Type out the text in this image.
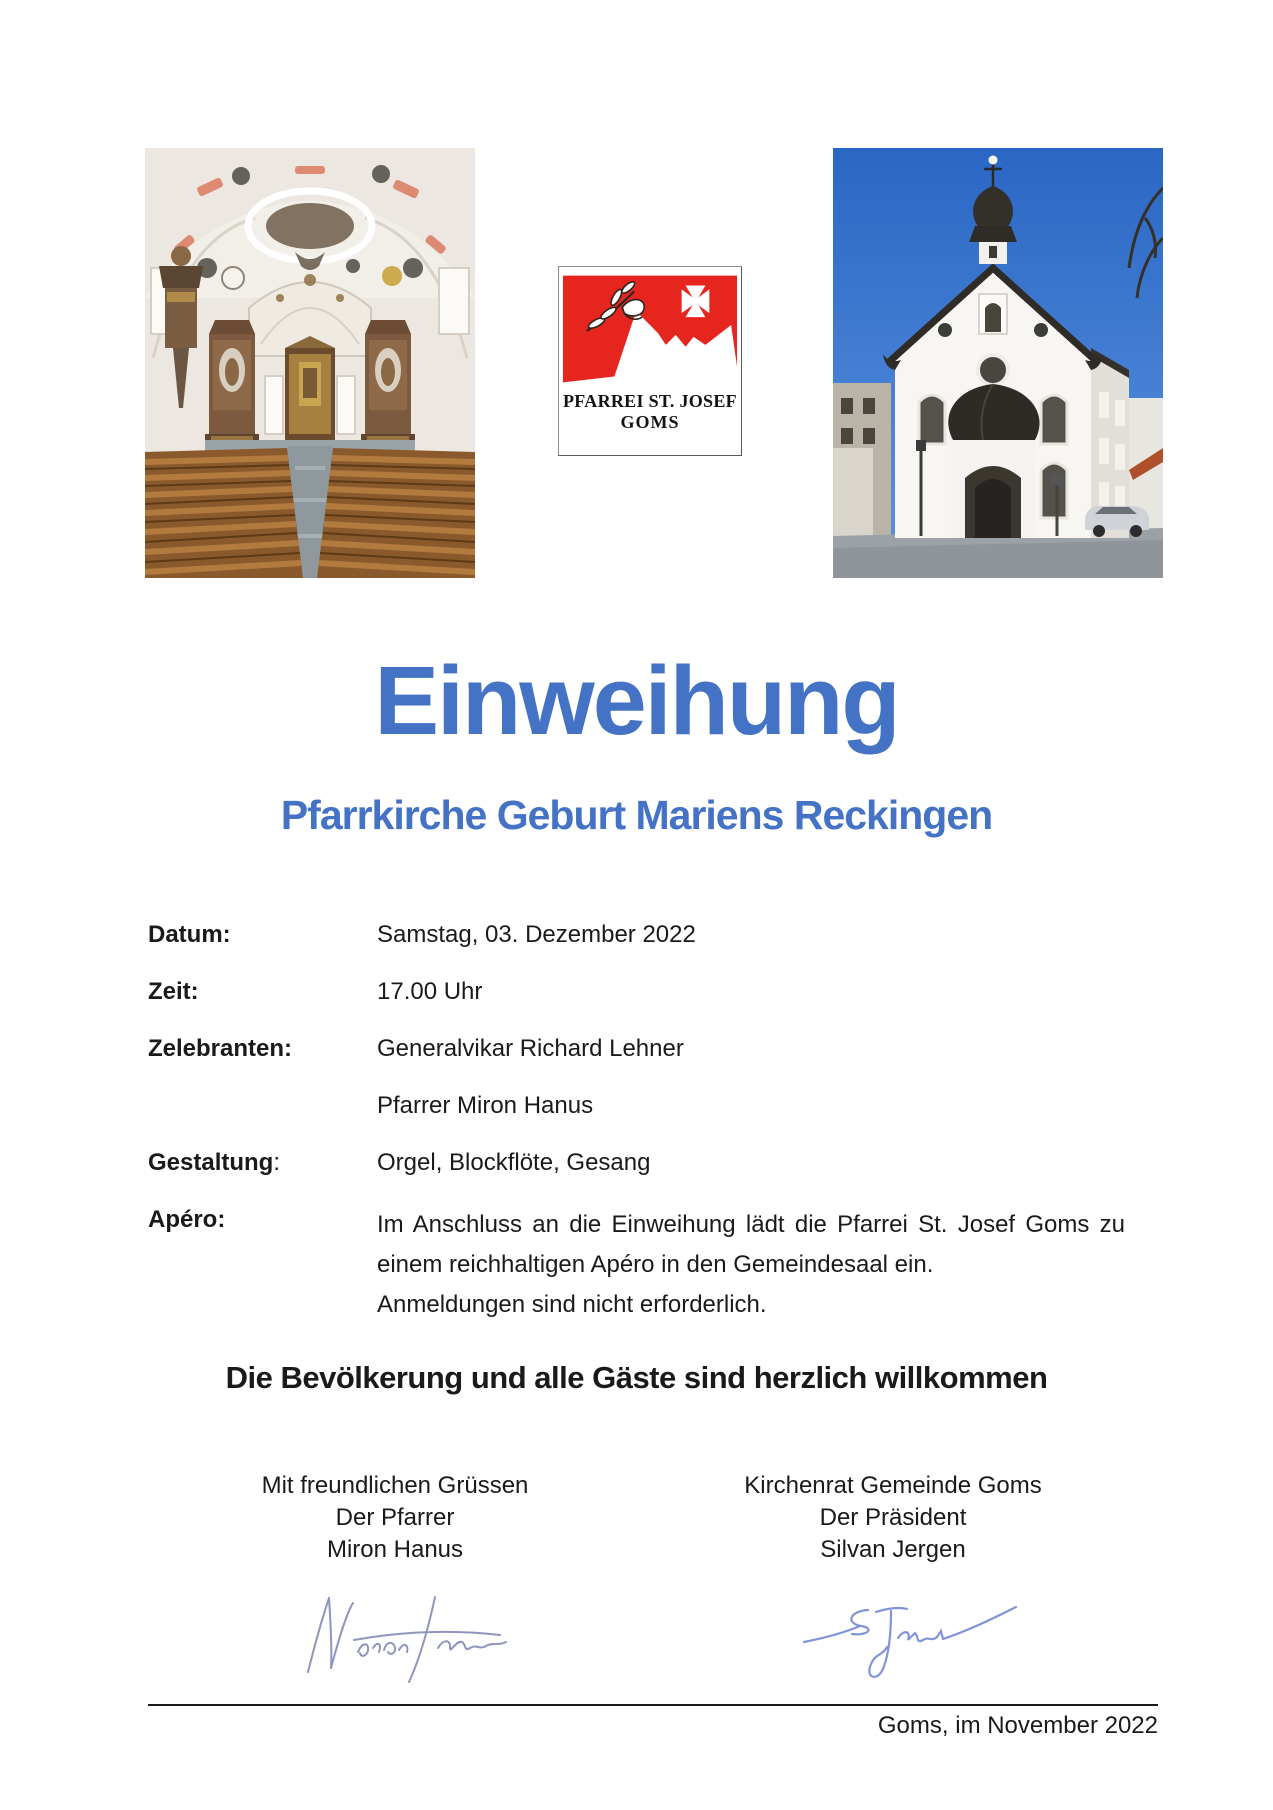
PFARREI ST. JOSEF
GOMS
Einweihung
Pfarrkirche Geburt Mariens Reckingen
Datum:	Samstag, 03. Dezember 2022
Zeit:	17.00 Uhr
Zelebranten:	Generalvikar Richard Lehner
Pfarrer Miron Hanus
Gestaltung:	Orgel, Blockflöte, Gesang
Apéro:	Im Anschluss an die Einweihung lädt die Pfarrei St. Josef Goms zu einem reichhaltigen Apéro in den Gemeindesaal ein.

Anmeldungen sind nicht erforderlich.

Die Bevölkerung und alle Gäste sind herzlich willkommen
Mit freundlichen Grüssen
Der Pfarrer
Miron Hanus
Kirchenrat Gemeinde Goms
Der Präsident
Silvan Jergen
Goms, im November 2022
